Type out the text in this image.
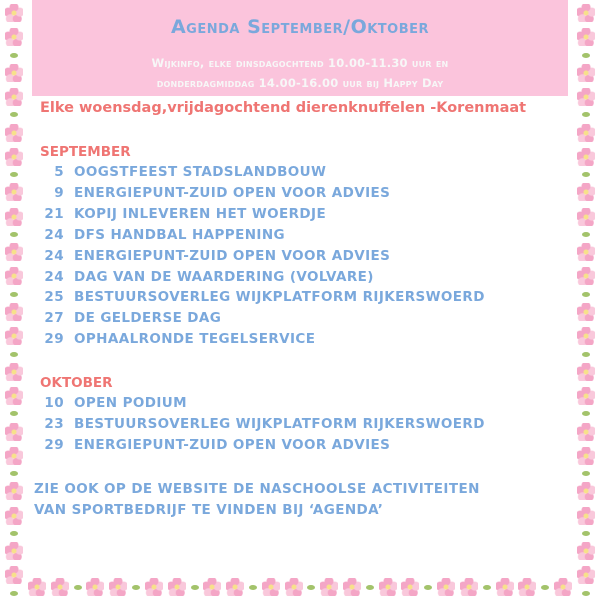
Agenda September/Oktober
Wijkinfo, elke dinsdagochtend 10.00-11.30 uur en
donderdagmiddag 14.00-16.00 uur bij Happy Day
Elke woensdag,vrijdagochtend dierenknuffelen -Korenmaat
SEPTEMBER
5 OOGSTFEEST STADSLANDBOUW
9 ENERGIEPUNT-ZUID OPEN VOOR ADVIES
21 KOPIJ INLEVEREN HET WOERDJE
24 DFS HANDBAL HAPPENING
24 ENERGIEPUNT-ZUID OPEN VOOR ADVIES
24 DAG VAN DE WAARDERING (VOLVARE)
25 BESTUURSOVERLEG WIJKPLATFORM RIJKERSWOERD
27 DE GELDERSE DAG
29 OPHAALRONDE TEGELSERVICE
OKTOBER
10 OPEN PODIUM
23 BESTUURSOVERLEG WIJKPLATFORM RIJKERSWOERD
29 ENERGIEPUNT-ZUID OPEN VOOR ADVIES
ZIE OOK OP DE WEBSITE DE NASCHOOLSE ACTIVITEITEN
VAN SPORTBEDRIJF TE VINDEN BIJ ‘AGENDA’
